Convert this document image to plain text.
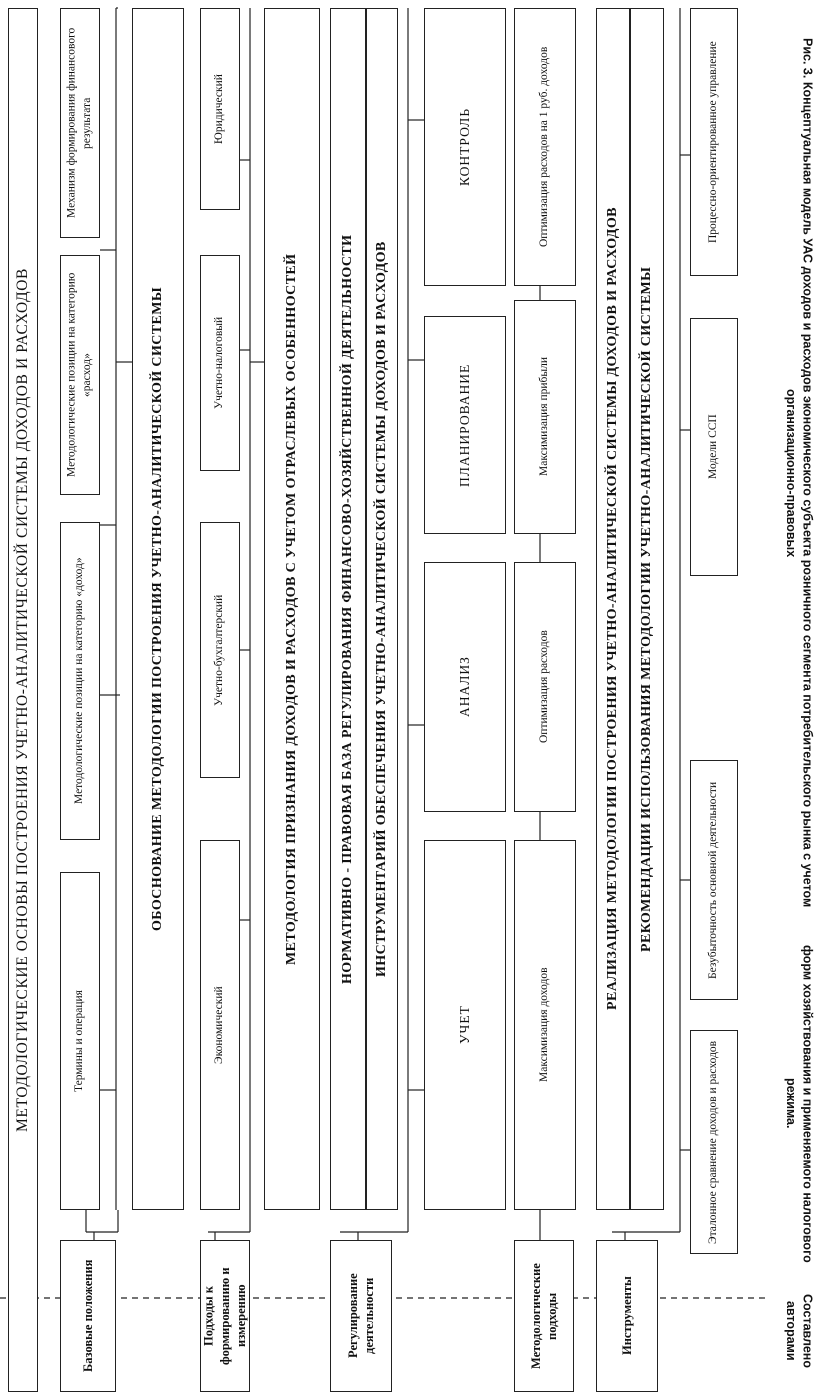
МЕТОДОЛОГИЧЕСКИЕ ОСНОВЫ ПОСТРОЕНИЯ УЧЕТНО-АНАЛИТИЧЕСКОЙ СИСТЕМЫ ДОХОДОВ И РАСХОДОВ
Базовые положения	Подходы к формированию и измерению	Регулирование деятельности	Методологические подходы	Инструменты
Термины и операция
Методологические позиции на категорию «доход»
Методологические позиции на категорию «расход»
Механизм формирования финансового результата
ОБОСНОВАНИЕ МЕТОДОЛОГИИ ПОСТРОЕНИЯ УЧЕТНО-АНАЛИТИЧЕСКОЙ СИСТЕМЫ
Экономический
Учетно-бухгалтерский
Учетно-налоговый
Юридический
МЕТОДОЛОГИЯ ПРИЗНАНИЯ ДОХОДОВ И РАСХОДОВ С УЧЕТОМ ОТРАСЛЕВЫХ ОСОБЕННОСТЕЙ	НОРМАТИВНО - ПРАВОВАЯ БАЗА РЕГУЛИРОВАНИЯ ФИНАНСОВО-ХОЗЯЙСТВЕННОЙ ДЕЯТЕЛЬНОСТИ	ИНСТРУМЕНТАРИЙ ОБЕСПЕЧЕНИЯ УЧЕТНО-АНАЛИТИЧЕСКОЙ СИСТЕМЫ ДОХОДОВ И РАСХОДОВ
УЧЕТ
АНАЛИЗ
ПЛАНИРОВАНИЕ
КОНТРОЛЬ
Максимизация доходов
Оптимизация расходов
Максимизация прибыли
Оптимизация расходов на 1 руб. доходов
РЕАЛИЗАЦИЯ МЕТОДОЛОГИИ ПОСТРОЕНИЯ УЧЕТНО-АНАЛИТИЧЕСКОЙ СИСТЕМЫ ДОХОДОВ И РАСХОДОВ	РЕКОМЕНДАЦИИ ИСПОЛЬЗОВАНИЯ МЕТОДОЛОГИИ УЧЕТНО-АНАЛИТИЧЕСКОЙ СИСТЕМЫ
Эталонное сравнение доходов и расходов
Безубыточность основной деятельности
Модели ССП
Процессно-ориентированное управление	Рис. 3. Концептуальная модель УАС доходов и расходов экономического субъекта розничного сегмента потребительского рынка с учетом организационно-правовых
форм хозяйствования и применяемого налогового режима.
Составлено авторами
